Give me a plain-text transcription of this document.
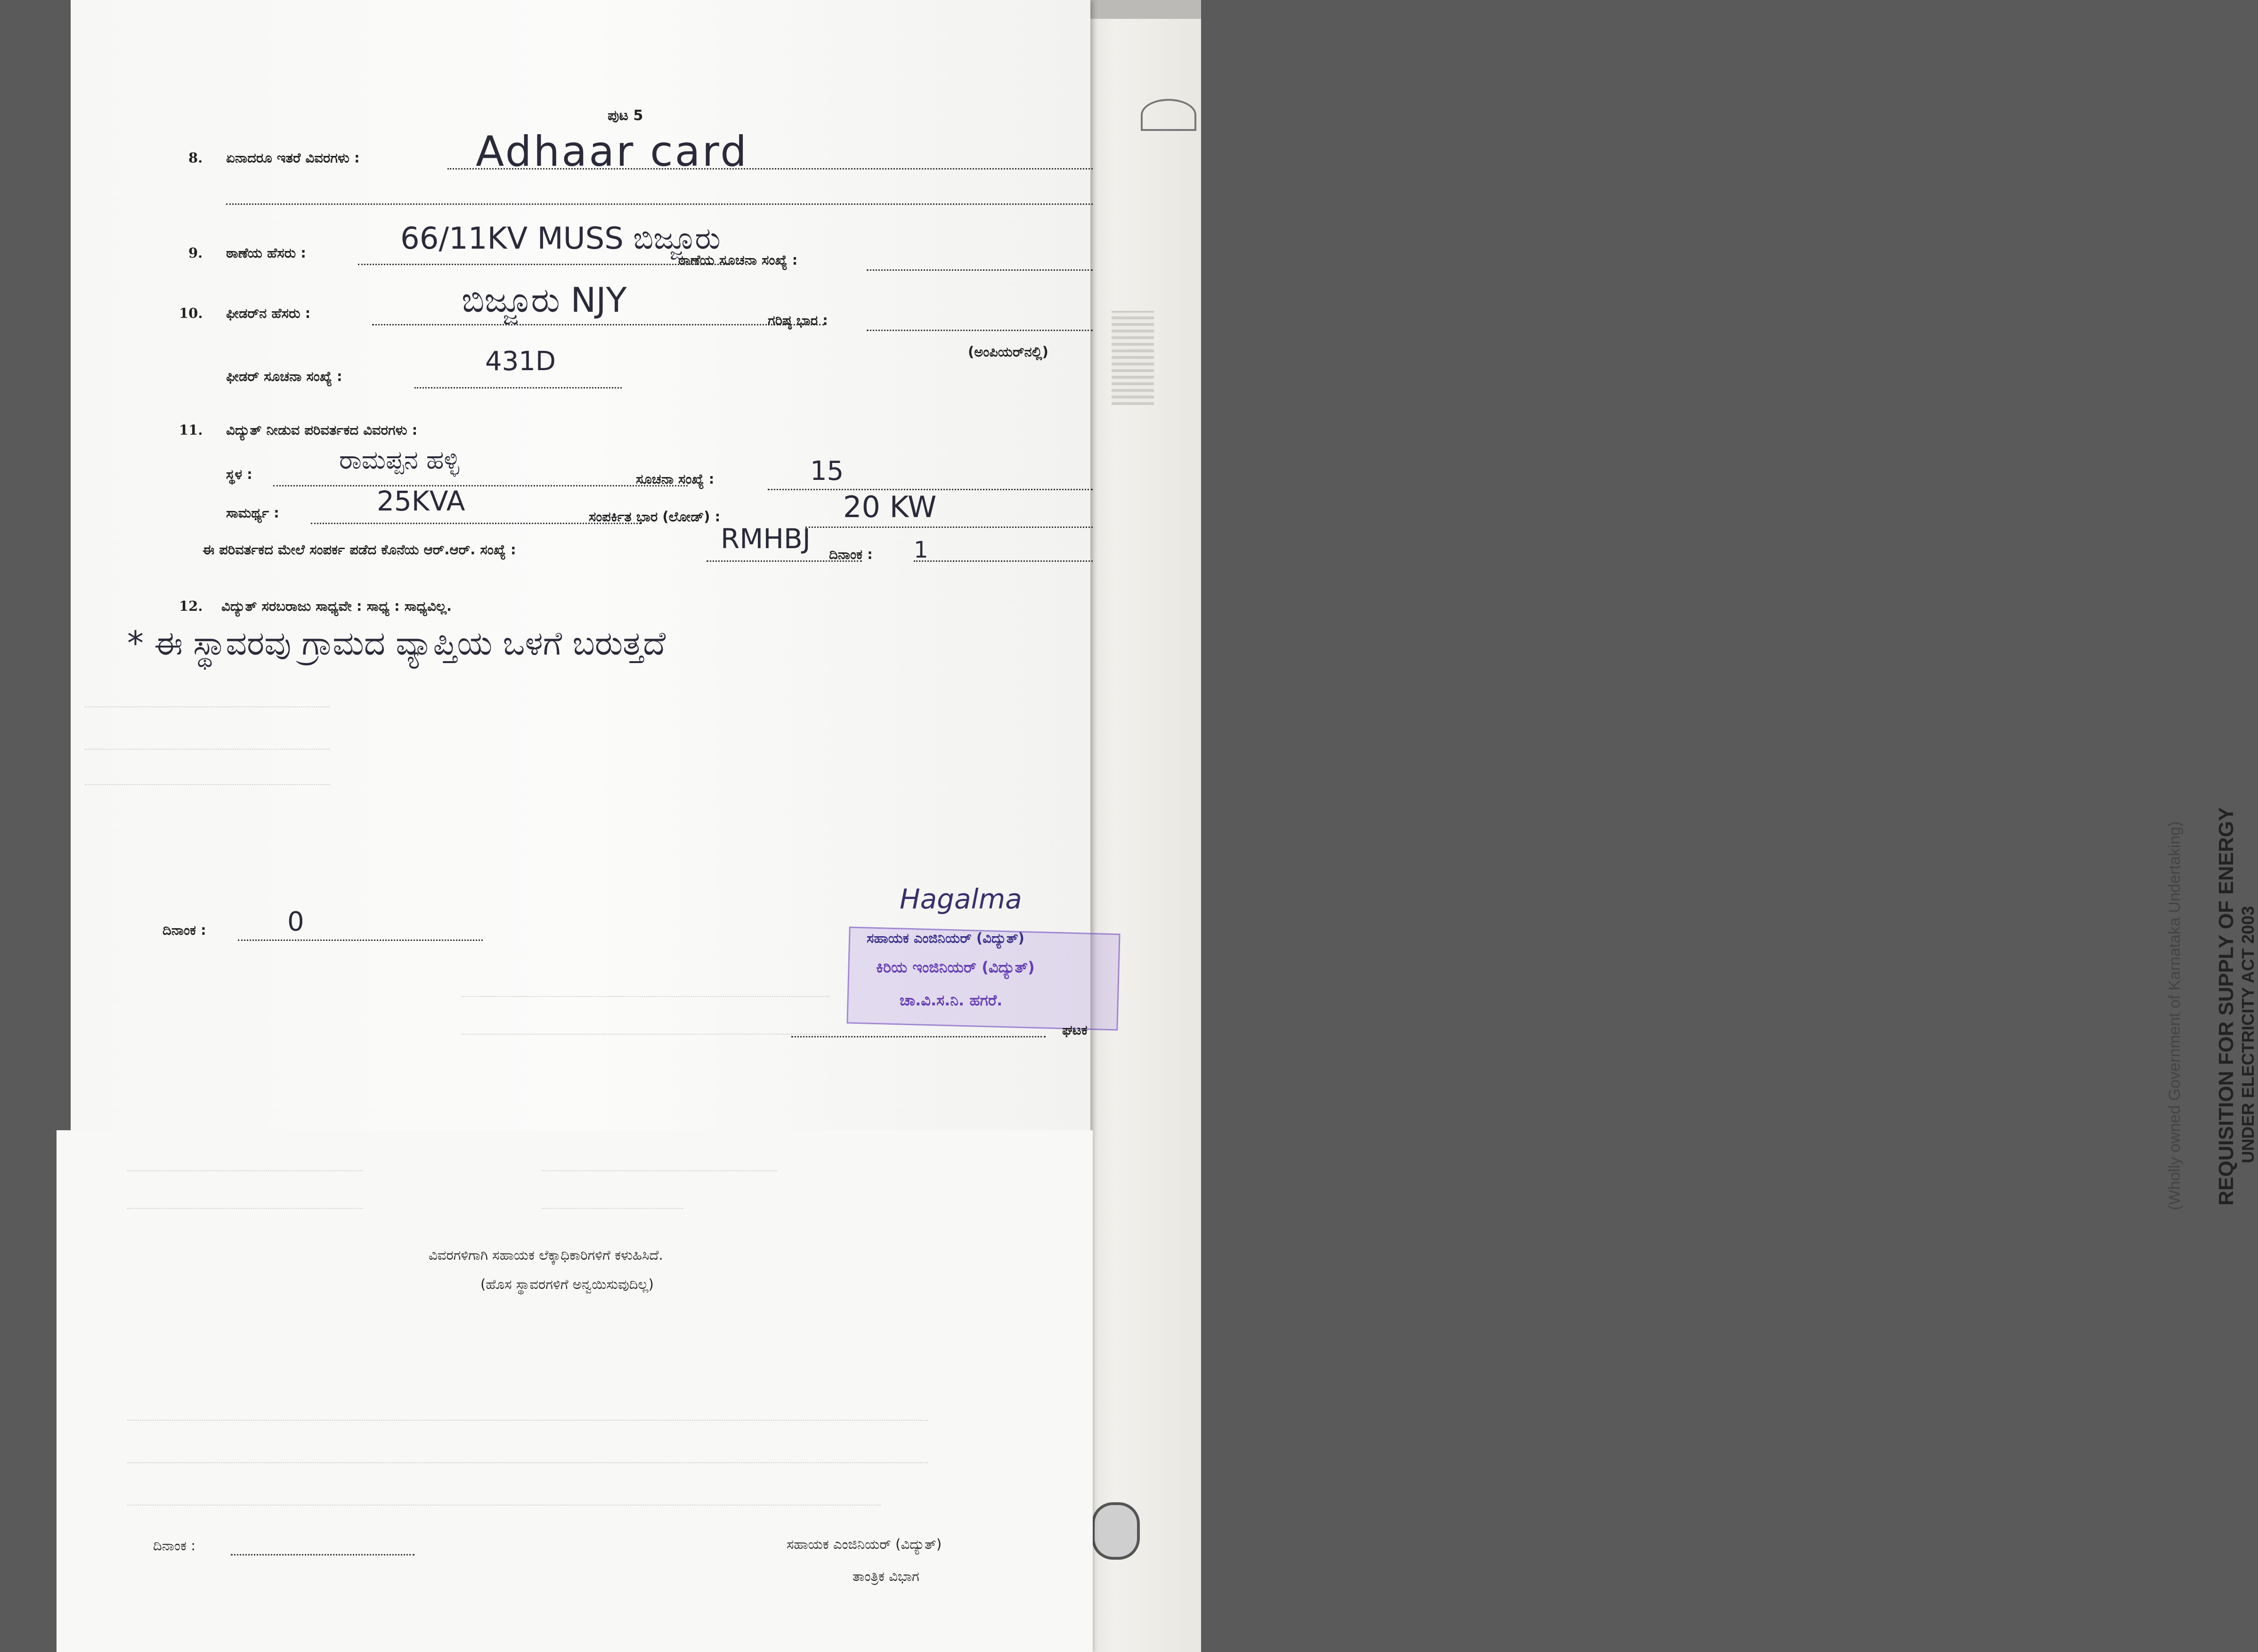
REQUISITION FOR SUPPLY OF ENERGY UNDER ELECTRICITY ACT 2003
(Wholly owned Government of Karnataka Undertaking)
ಪುಟ 5
8. ಏನಾದರೂ ಇತರೆ ವಿವರಗಳು :	Adhaar card
9. ಠಾಣೆಯ ಹೆಸರು :	66/11KV MUSS ಬಿಜ್ಜೂರು
ಠಾಣೆಯ ಸೂಚನಾ ಸಂಖ್ಯೆ :
10. ಫೀಡರ್‌ನ ಹೆಸರು :	ಬಿಜ್ಜೂರು NJY
ಗರಿಷ್ಠ ಭಾರ :
(ಅಂಪಿಯರ್‌ನಲ್ಲಿ)
ಫೀಡರ್ ಸೂಚನಾ ಸಂಖ್ಯೆ :	431D
11. ವಿದ್ಯುತ್ ನೀಡುವ ಪರಿವರ್ತಕದ ವಿವರಗಳು :
ಸ್ಥಳ :	ರಾಮಪ್ಪನ ಹಳ್ಳಿ
ಸೂಚನಾ ಸಂಖ್ಯೆ :	15
ಸಾಮರ್ಥ್ಯ :	25KVA	ಸಂಪರ್ಕಿತ ಭಾರ (ಲೋಡ್) :	20 KW
ಈ ಪರಿವರ್ತಕದ ಮೇಲೆ ಸಂಪರ್ಕ ಪಡೆದ ಕೊನೆಯ ಆರ್.ಆರ್. ಸಂಖ್ಯೆ :	RMHBJ ದಿನಾಂಕ : 1
12. ವಿದ್ಯುತ್ ಸರಬರಾಜು ಸಾಧ್ಯವೇ : ಸಾಧ್ಯ : ಸಾಧ್ಯವಿಲ್ಲ.
* ಈ ಸ್ಥಾವರವು ಗ್ರಾಮದ ವ್ಯಾಪ್ತಿಯ ಒಳಗೆ ಬರುತ್ತದೆ
ದಿನಾಂಕ :	0
Hagalma
ಸಹಾಯಕ ಎಂಜಿನಿಯರ್ (ವಿದ್ಯುತ್)
ಕಿರಿಯ ಇಂಜಿನಿಯರ್ (ವಿದ್ಯುತ್)
ಚಾ.ವಿ.ಸ.ನಿ. ಹಗರೆ.
ಘಟಕ
ವಿವರಗಳಿಗಾಗಿ ಸಹಾಯಕ ಲೆಕ್ಕಾಧಿಕಾರಿಗಳಿಗೆ ಕಳುಹಿಸಿದೆ.
(ಹೊಸ ಸ್ಥಾವರಗಳಿಗೆ ಅನ್ವಯಿಸುವುದಿಲ್ಲ)
ದಿನಾಂಕ :	ಸಹಾಯಕ ಎಂಜಿನಿಯರ್ (ವಿದ್ಯುತ್)
ತಾಂತ್ರಿಕ ವಿಭಾಗ
